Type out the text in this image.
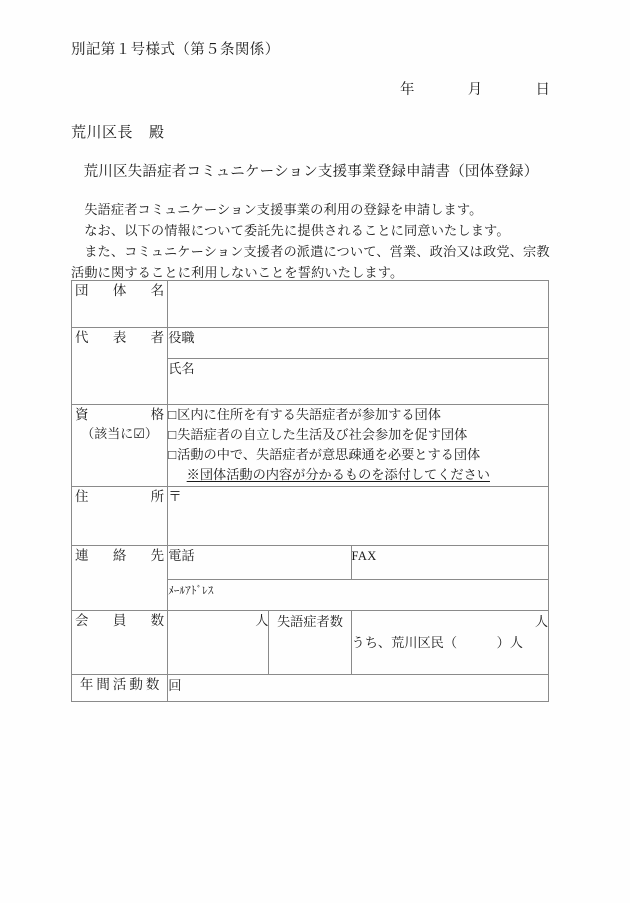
別記第１号様式（第５条関係）
年	月	日
荒川区長 殿
荒川区失語症者コミュニケーション支援事業登録申請書（団体登録）

失語症者コミュニケーション支援事業の利用の登録を申請します。

なお、以下の情報について委託先に提供されることに同意いたします。

また、コミュニケーション支援者の派遣について、営業、政治又は政党、宗教活動に関することに利用しないことを誓約いたします。

団体名			

代表者	役職		
	氏名		

資格
（該当に☑）

□区内に住所を有する失語症者が参加する団体
□失語症者の自立した生活及び社会参加を促す団体
□活動の中で、失語症者が意思疎通を必要とする団体
※団体活動の内容が分かるものを添付してください

住所	〒		

連絡先	電話		FAX
	ﾒｰﾙｱﾄﾞﾚｽ		

会員数	人	失語症者数	人
うち、荒川区民（　　　）人

年間活動数	回		
